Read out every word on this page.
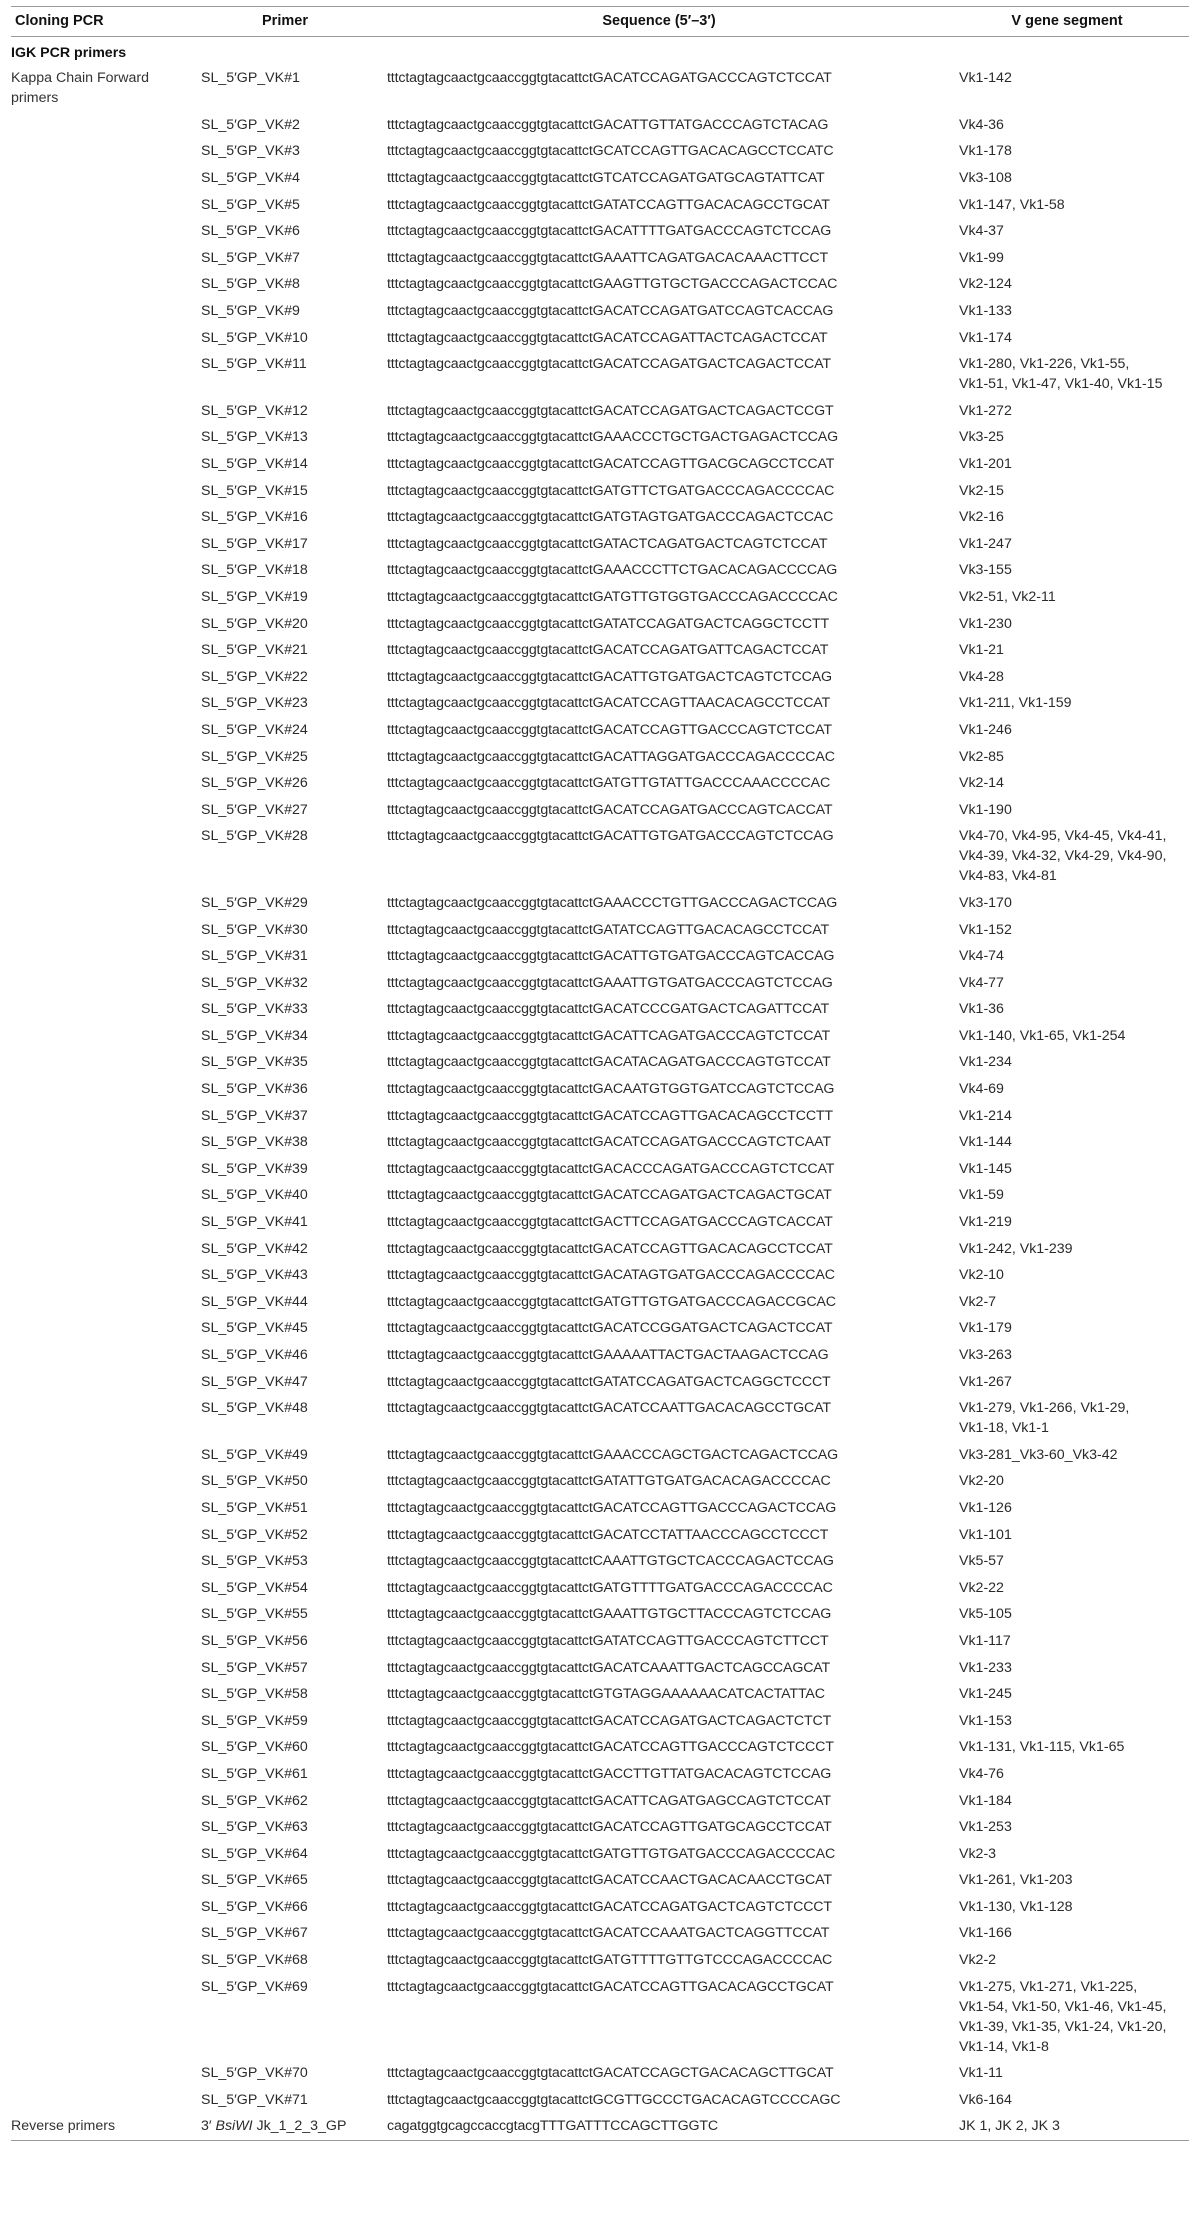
Cloning PCR	Primer	Sequence (5′–3′)	V gene segment
IGK PCR primers			
Kappa Chain Forward primers	SL_5′GP_VK#1	tttctagtagcaactgcaaccggtgtacattctGACATCCAGATGACCCAGTCTCCAT	Vk1-142

	SL_5′GP_VK#2	tttctagtagcaactgcaaccggtgtacattctGACATTGTTATGACCCAGTCTACAG	Vk4-36

	SL_5′GP_VK#3	tttctagtagcaactgcaaccggtgtacattctGCATCCAGTTGACACAGCCTCCATC	Vk1-178

	SL_5′GP_VK#4	tttctagtagcaactgcaaccggtgtacattctGTCATCCAGATGATGCAGTATTCAT	Vk3-108

	SL_5′GP_VK#5	tttctagtagcaactgcaaccggtgtacattctGATATCCAGTTGACACAGCCTGCAT	Vk1-147, Vk1-58

	SL_5′GP_VK#6	tttctagtagcaactgcaaccggtgtacattctGACATTTTGATGACCCAGTCTCCAG	Vk4-37

	SL_5′GP_VK#7	tttctagtagcaactgcaaccggtgtacattctGAAATTCAGATGACACAAACTTCCT	Vk1-99

	SL_5′GP_VK#8	tttctagtagcaactgcaaccggtgtacattctGAAGTTGTGCTGACCCAGACTCCAC	Vk2-124

	SL_5′GP_VK#9	tttctagtagcaactgcaaccggtgtacattctGACATCCAGATGATCCAGTCACCAG	Vk1-133

	SL_5′GP_VK#10	tttctagtagcaactgcaaccggtgtacattctGACATCCAGATTACTCAGACTCCAT	Vk1-174

	SL_5′GP_VK#11	tttctagtagcaactgcaaccggtgtacattctGACATCCAGATGACTCAGACTCCAT	Vk1-280, Vk1-226, Vk1-55,
Vk1-51, Vk1-47, Vk1-40, Vk1-15

	SL_5′GP_VK#12	tttctagtagcaactgcaaccggtgtacattctGACATCCAGATGACTCAGACTCCGT	Vk1-272

	SL_5′GP_VK#13	tttctagtagcaactgcaaccggtgtacattctGAAACCCTGCTGACTGAGACTCCAG	Vk3-25

	SL_5′GP_VK#14	tttctagtagcaactgcaaccggtgtacattctGACATCCAGTTGACGCAGCCTCCAT	Vk1-201

	SL_5′GP_VK#15	tttctagtagcaactgcaaccggtgtacattctGATGTTCTGATGACCCAGACCCCAC	Vk2-15

	SL_5′GP_VK#16	tttctagtagcaactgcaaccggtgtacattctGATGTAGTGATGACCCAGACTCCAC	Vk2-16

	SL_5′GP_VK#17	tttctagtagcaactgcaaccggtgtacattctGATACTCAGATGACTCAGTCTCCAT	Vk1-247

	SL_5′GP_VK#18	tttctagtagcaactgcaaccggtgtacattctGAAACCCTTCTGACACAGACCCCAG	Vk3-155

	SL_5′GP_VK#19	tttctagtagcaactgcaaccggtgtacattctGATGTTGTGGTGACCCAGACCCCAC	Vk2-51, Vk2-11

	SL_5′GP_VK#20	tttctagtagcaactgcaaccggtgtacattctGATATCCAGATGACTCAGGCTCCTT	Vk1-230

	SL_5′GP_VK#21	tttctagtagcaactgcaaccggtgtacattctGACATCCAGATGATTCAGACTCCAT	Vk1-21

	SL_5′GP_VK#22	tttctagtagcaactgcaaccggtgtacattctGACATTGTGATGACTCAGTCTCCAG	Vk4-28

	SL_5′GP_VK#23	tttctagtagcaactgcaaccggtgtacattctGACATCCAGTTAACACAGCCTCCAT	Vk1-211, Vk1-159

	SL_5′GP_VK#24	tttctagtagcaactgcaaccggtgtacattctGACATCCAGTTGACCCAGTCTCCAT	Vk1-246

	SL_5′GP_VK#25	tttctagtagcaactgcaaccggtgtacattctGACATTAGGATGACCCAGACCCCAC	Vk2-85

	SL_5′GP_VK#26	tttctagtagcaactgcaaccggtgtacattctGATGTTGTATTGACCCAAACCCCAC	Vk2-14

	SL_5′GP_VK#27	tttctagtagcaactgcaaccggtgtacattctGACATCCAGATGACCCAGTCACCAT	Vk1-190

	SL_5′GP_VK#28	tttctagtagcaactgcaaccggtgtacattctGACATTGTGATGACCCAGTCTCCAG	Vk4-70, Vk4-95, Vk4-45, Vk4-41,
Vk4-39, Vk4-32, Vk4-29, Vk4-90,
Vk4-83, Vk4-81

	SL_5′GP_VK#29	tttctagtagcaactgcaaccggtgtacattctGAAACCCTGTTGACCCAGACTCCAG	Vk3-170

	SL_5′GP_VK#30	tttctagtagcaactgcaaccggtgtacattctGATATCCAGTTGACACAGCCTCCAT	Vk1-152

	SL_5′GP_VK#31	tttctagtagcaactgcaaccggtgtacattctGACATTGTGATGACCCAGTCACCAG	Vk4-74

	SL_5′GP_VK#32	tttctagtagcaactgcaaccggtgtacattctGAAATTGTGATGACCCAGTCTCCAG	Vk4-77

	SL_5′GP_VK#33	tttctagtagcaactgcaaccggtgtacattctGACATCCCGATGACTCAGATTCCAT	Vk1-36

	SL_5′GP_VK#34	tttctagtagcaactgcaaccggtgtacattctGACATTCAGATGACCCAGTCTCCAT	Vk1-140, Vk1-65, Vk1-254

	SL_5′GP_VK#35	tttctagtagcaactgcaaccggtgtacattctGACATACAGATGACCCAGTGTCCAT	Vk1-234

	SL_5′GP_VK#36	tttctagtagcaactgcaaccggtgtacattctGACAATGTGGTGATCCAGTCTCCAG	Vk4-69

	SL_5′GP_VK#37	tttctagtagcaactgcaaccggtgtacattctGACATCCAGTTGACACAGCCTCCTT	Vk1-214

	SL_5′GP_VK#38	tttctagtagcaactgcaaccggtgtacattctGACATCCAGATGACCCAGTCTCAAT	Vk1-144

	SL_5′GP_VK#39	tttctagtagcaactgcaaccggtgtacattctGACACCCAGATGACCCAGTCTCCAT	Vk1-145

	SL_5′GP_VK#40	tttctagtagcaactgcaaccggtgtacattctGACATCCAGATGACTCAGACTGCAT	Vk1-59

	SL_5′GP_VK#41	tttctagtagcaactgcaaccggtgtacattctGACTTCCAGATGACCCAGTCACCAT	Vk1-219

	SL_5′GP_VK#42	tttctagtagcaactgcaaccggtgtacattctGACATCCAGTTGACACAGCCTCCAT	Vk1-242, Vk1-239

	SL_5′GP_VK#43	tttctagtagcaactgcaaccggtgtacattctGACATAGTGATGACCCAGACCCCAC	Vk2-10

	SL_5′GP_VK#44	tttctagtagcaactgcaaccggtgtacattctGATGTTGTGATGACCCAGACCGCAC	Vk2-7

	SL_5′GP_VK#45	tttctagtagcaactgcaaccggtgtacattctGACATCCGGATGACTCAGACTCCAT	Vk1-179

	SL_5′GP_VK#46	tttctagtagcaactgcaaccggtgtacattctGAAAAATTACTGACTAAGACTCCAG	Vk3-263

	SL_5′GP_VK#47	tttctagtagcaactgcaaccggtgtacattctGATATCCAGATGACTCAGGCTCCCT	Vk1-267

	SL_5′GP_VK#48	tttctagtagcaactgcaaccggtgtacattctGACATCCAATTGACACAGCCTGCAT	Vk1-279, Vk1-266, Vk1-29,
Vk1-18, Vk1-1

	SL_5′GP_VK#49	tttctagtagcaactgcaaccggtgtacattctGAAACCCAGCTGACTCAGACTCCAG	Vk3-281_Vk3-60_Vk3-42

	SL_5′GP_VK#50	tttctagtagcaactgcaaccggtgtacattctGATATTGTGATGACACAGACCCCAC	Vk2-20

	SL_5′GP_VK#51	tttctagtagcaactgcaaccggtgtacattctGACATCCAGTTGACCCAGACTCCAG	Vk1-126

	SL_5′GP_VK#52	tttctagtagcaactgcaaccggtgtacattctGACATCCTATTAACCCAGCCTCCCT	Vk1-101

	SL_5′GP_VK#53	tttctagtagcaactgcaaccggtgtacattctCAAATTGTGCTCACCCAGACTCCAG	Vk5-57

	SL_5′GP_VK#54	tttctagtagcaactgcaaccggtgtacattctGATGTTTTGATGACCCAGACCCCAC	Vk2-22

	SL_5′GP_VK#55	tttctagtagcaactgcaaccggtgtacattctGAAATTGTGCTTACCCAGTCTCCAG	Vk5-105

	SL_5′GP_VK#56	tttctagtagcaactgcaaccggtgtacattctGATATCCAGTTGACCCAGTCTTCCT	Vk1-117

	SL_5′GP_VK#57	tttctagtagcaactgcaaccggtgtacattctGACATCAAATTGACTCAGCCAGCAT	Vk1-233

	SL_5′GP_VK#58	tttctagtagcaactgcaaccggtgtacattctGTGTAGGAAAAAACATCACTATTAC	Vk1-245

	SL_5′GP_VK#59	tttctagtagcaactgcaaccggtgtacattctGACATCCAGATGACTCAGACTCTCT	Vk1-153

	SL_5′GP_VK#60	tttctagtagcaactgcaaccggtgtacattctGACATCCAGTTGACCCAGTCTCCCT	Vk1-131, Vk1-115, Vk1-65

	SL_5′GP_VK#61	tttctagtagcaactgcaaccggtgtacattctGACCTTGTTATGACACAGTCTCCAG	Vk4-76

	SL_5′GP_VK#62	tttctagtagcaactgcaaccggtgtacattctGACATTCAGATGAGCCAGTCTCCAT	Vk1-184

	SL_5′GP_VK#63	tttctagtagcaactgcaaccggtgtacattctGACATCCAGTTGATGCAGCCTCCAT	Vk1-253

	SL_5′GP_VK#64	tttctagtagcaactgcaaccggtgtacattctGATGTTGTGATGACCCAGACCCCAC	Vk2-3

	SL_5′GP_VK#65	tttctagtagcaactgcaaccggtgtacattctGACATCCAACTGACACAACCTGCAT	Vk1-261, Vk1-203

	SL_5′GP_VK#66	tttctagtagcaactgcaaccggtgtacattctGACATCCAGATGACTCAGTCTCCCT	Vk1-130, Vk1-128

	SL_5′GP_VK#67	tttctagtagcaactgcaaccggtgtacattctGACATCCAAATGACTCAGGTTCCAT	Vk1-166

	SL_5′GP_VK#68	tttctagtagcaactgcaaccggtgtacattctGATGTTTTGTTGTCCCAGACCCCAC	Vk2-2

	SL_5′GP_VK#69	tttctagtagcaactgcaaccggtgtacattctGACATCCAGTTGACACAGCCTGCAT	Vk1-275, Vk1-271, Vk1-225,
Vk1-54, Vk1-50, Vk1-46, Vk1-45,
Vk1-39, Vk1-35, Vk1-24, Vk1-20,
Vk1-14, Vk1-8

	SL_5′GP_VK#70	tttctagtagcaactgcaaccggtgtacattctGACATCCAGCTGACACAGCTTGCAT	Vk1-11

	SL_5′GP_VK#71	tttctagtagcaactgcaaccggtgtacattctGCGTTGCCCTGACACAGTCCCCAGC	Vk6-164

Reverse primers	3′ BsiWI Jk_1_2_3_GP	cagatggtgcagccaccgtacgTTTGATTTCCAGCTTGGTC	JK 1, JK 2, JK 3
